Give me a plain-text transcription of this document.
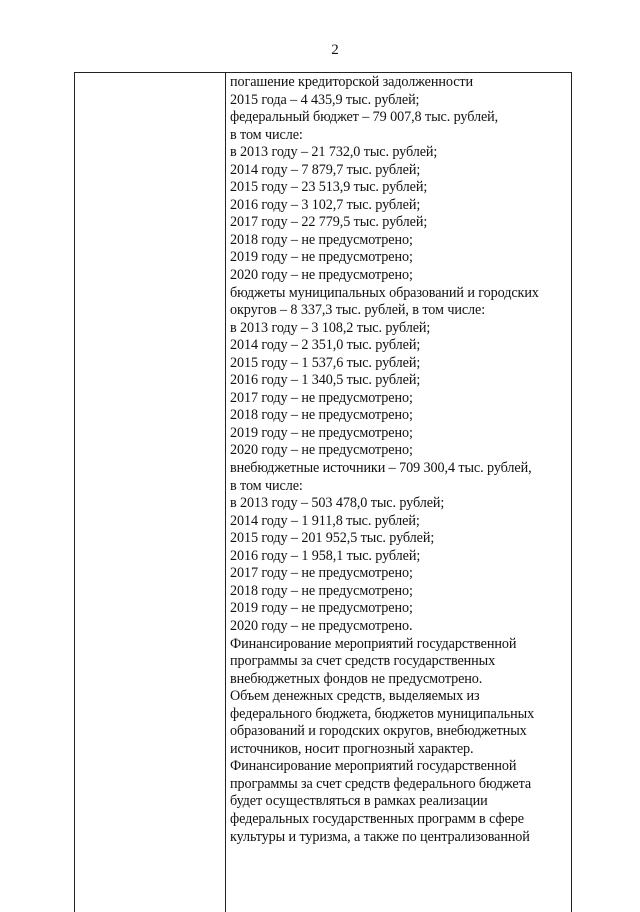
2
погашение кредиторской задолженности
2015 года – 4 435,9 тыс. рублей;
федеральный бюджет – 79 007,8 тыс. рублей,
в том числе:
в 2013 году – 21 732,0 тыс. рублей;
2014 году – 7 879,7 тыс. рублей;
2015 году – 23 513,9 тыс. рублей;
2016 году – 3 102,7 тыс. рублей;
2017 году – 22 779,5 тыс. рублей;
2018 году – не предусмотрено;
2019 году – не предусмотрено;
2020 году – не предусмотрено;
бюджеты муниципальных образований и городских
округов – 8 337,3 тыс. рублей, в том числе:
в 2013 году – 3 108,2 тыс. рублей;
2014 году – 2 351,0 тыс. рублей;
2015 году – 1 537,6 тыс. рублей;
2016 году – 1 340,5 тыс. рублей;
2017 году – не предусмотрено;
2018 году – не предусмотрено;
2019 году – не предусмотрено;
2020 году – не предусмотрено;
внебюджетные источники – 709 300,4 тыс. рублей,
в том числе:
в 2013 году – 503 478,0 тыс. рублей;
2014 году – 1 911,8 тыс. рублей;
2015 году – 201 952,5 тыс. рублей;
2016 году – 1 958,1 тыс. рублей;
2017 году – не предусмотрено;
2018 году – не предусмотрено;
2019 году – не предусмотрено;
2020 году – не предусмотрено.
Финансирование мероприятий государственной
программы за счет средств государственных
внебюджетных фондов не предусмотрено.
Объем денежных средств, выделяемых из
федерального бюджета, бюджетов муниципальных
образований и городских округов, внебюджетных
источников, носит прогнозный характер.
Финансирование мероприятий государственной
программы за счет средств федерального бюджета
будет осуществляться в рамках реализации
федеральных государственных программ в сфере
культуры и туризма, а также по централизованной
